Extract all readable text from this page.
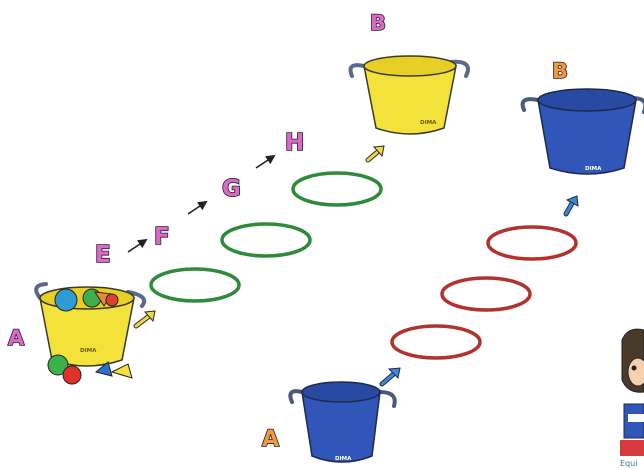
DIMA
A
E
F
G
H
DIMA
B
DIMA
B
DIMA
A
Equi
